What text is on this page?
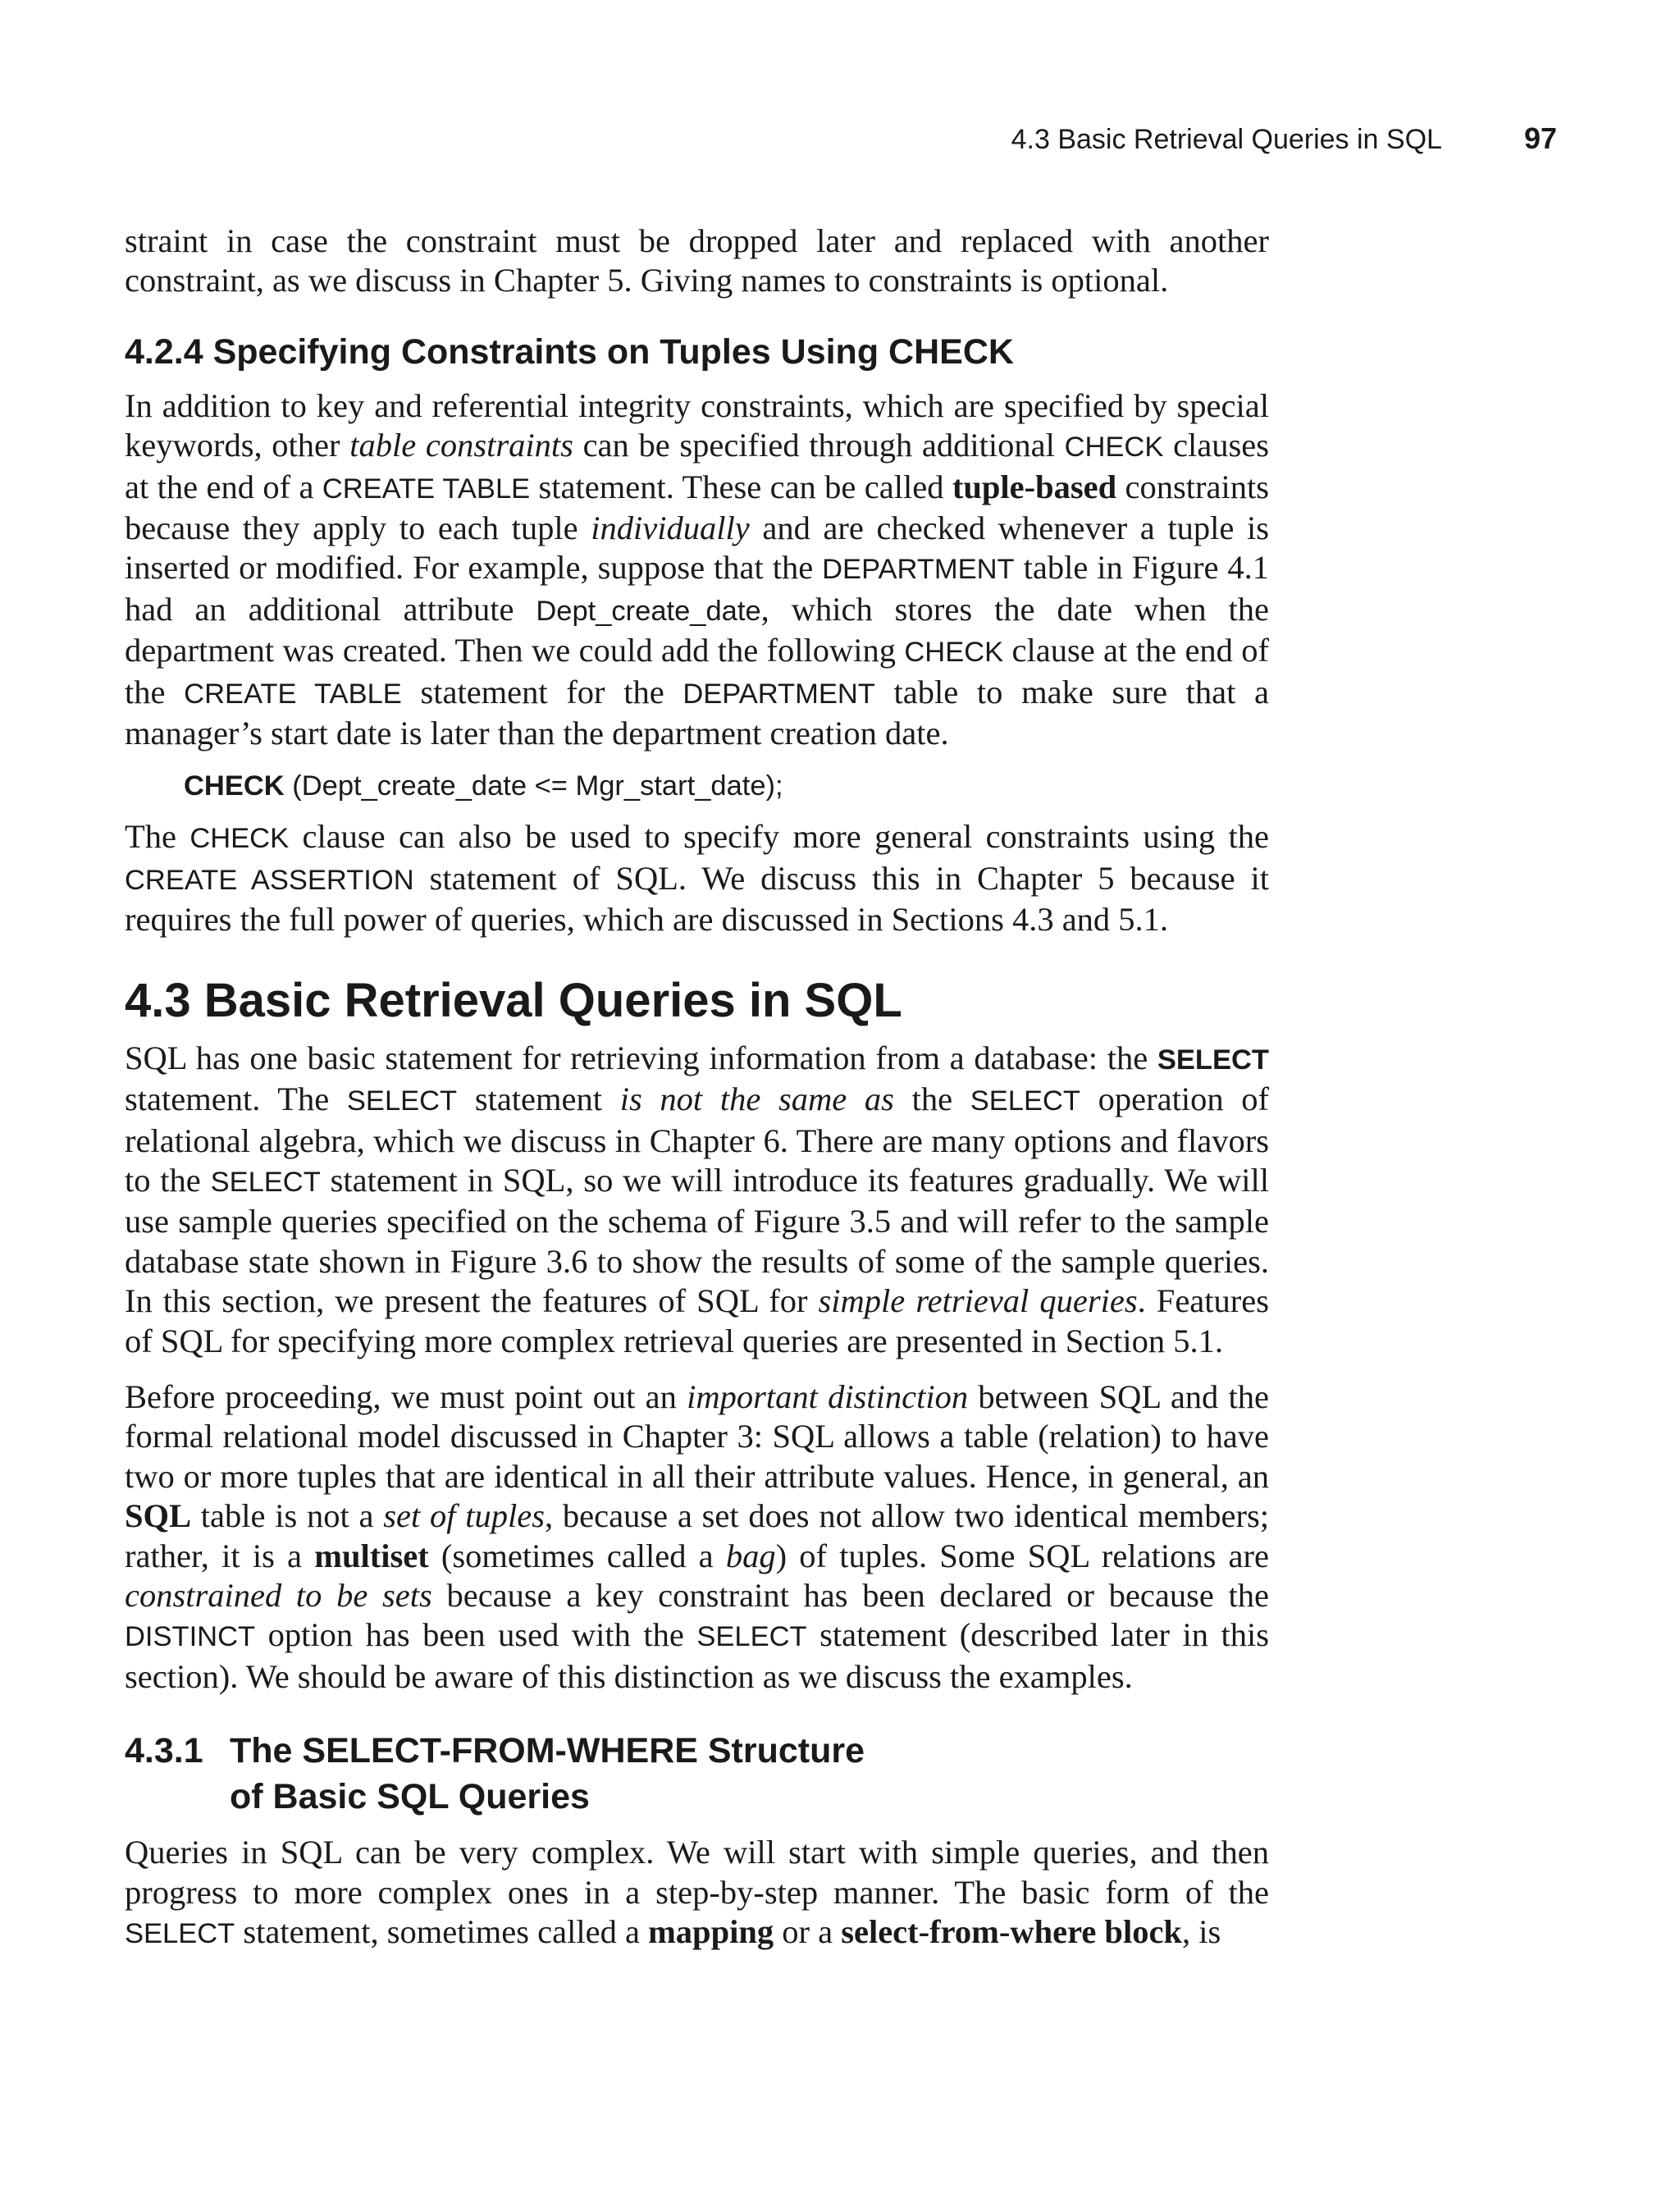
4.3 Basic Retrieval Queries in SQL	97

straint in case the constraint must be dropped later and replaced with another constraint, as we discuss in Chapter 5. Giving names to constraints is optional.

4.2.4 Specifying Constraints on Tuples Using CHECK

In addition to key and referential integrity constraints, which are specified by special keywords, other table constraints can be specified through additional CHECK clauses at the end of a CREATE TABLE statement. These can be called tuple-based constraints because they apply to each tuple individually and are checked whenever a tuple is inserted or modified. For example, suppose that the DEPARTMENT table in Figure 4.1 had an additional attribute Dept_create_date, which stores the date when the department was created. Then we could add the following CHECK clause at the end of the CREATE TABLE statement for the DEPARTMENT table to make sure that a manager’s start date is later than the department creation date.

CHECK (Dept_create_date <= Mgr_start_date);

The CHECK clause can also be used to specify more general constraints using the CREATE ASSERTION statement of SQL. We discuss this in Chapter 5 because it requires the full power of queries, which are discussed in Sections 4.3 and 5.1.

4.3 Basic Retrieval Queries in SQL

SQL has one basic statement for retrieving information from a database: the SELECT statement. The SELECT statement is not the same as the SELECT operation of relational algebra, which we discuss in Chapter 6. There are many options and flavors to the SELECT statement in SQL, so we will introduce its features gradually. We will use sample queries specified on the schema of Figure 3.5 and will refer to the sample database state shown in Figure 3.6 to show the results of some of the sample queries. In this section, we present the features of SQL for simple retrieval queries. Features of SQL for specifying more complex retrieval queries are presented in Section 5.1.

Before proceeding, we must point out an important distinction between SQL and the formal relational model discussed in Chapter 3: SQL allows a table (relation) to have two or more tuples that are identical in all their attribute values. Hence, in general, an SQL table is not a set of tuples, because a set does not allow two identical members; rather, it is a multiset (sometimes called a bag) of tuples. Some SQL relations are constrained to be sets because a key constraint has been declared or because the DISTINCT option has been used with the SELECT statement (described later in this section). We should be aware of this distinction as we discuss the examples.

4.3.1 The SELECT-FROM-WHERE Structure
of Basic SQL Queries

Queries in SQL can be very complex. We will start with simple queries, and then progress to more complex ones in a step-by-step manner. The basic form of the SELECT statement, sometimes called a mapping or a select-from-where block, is
